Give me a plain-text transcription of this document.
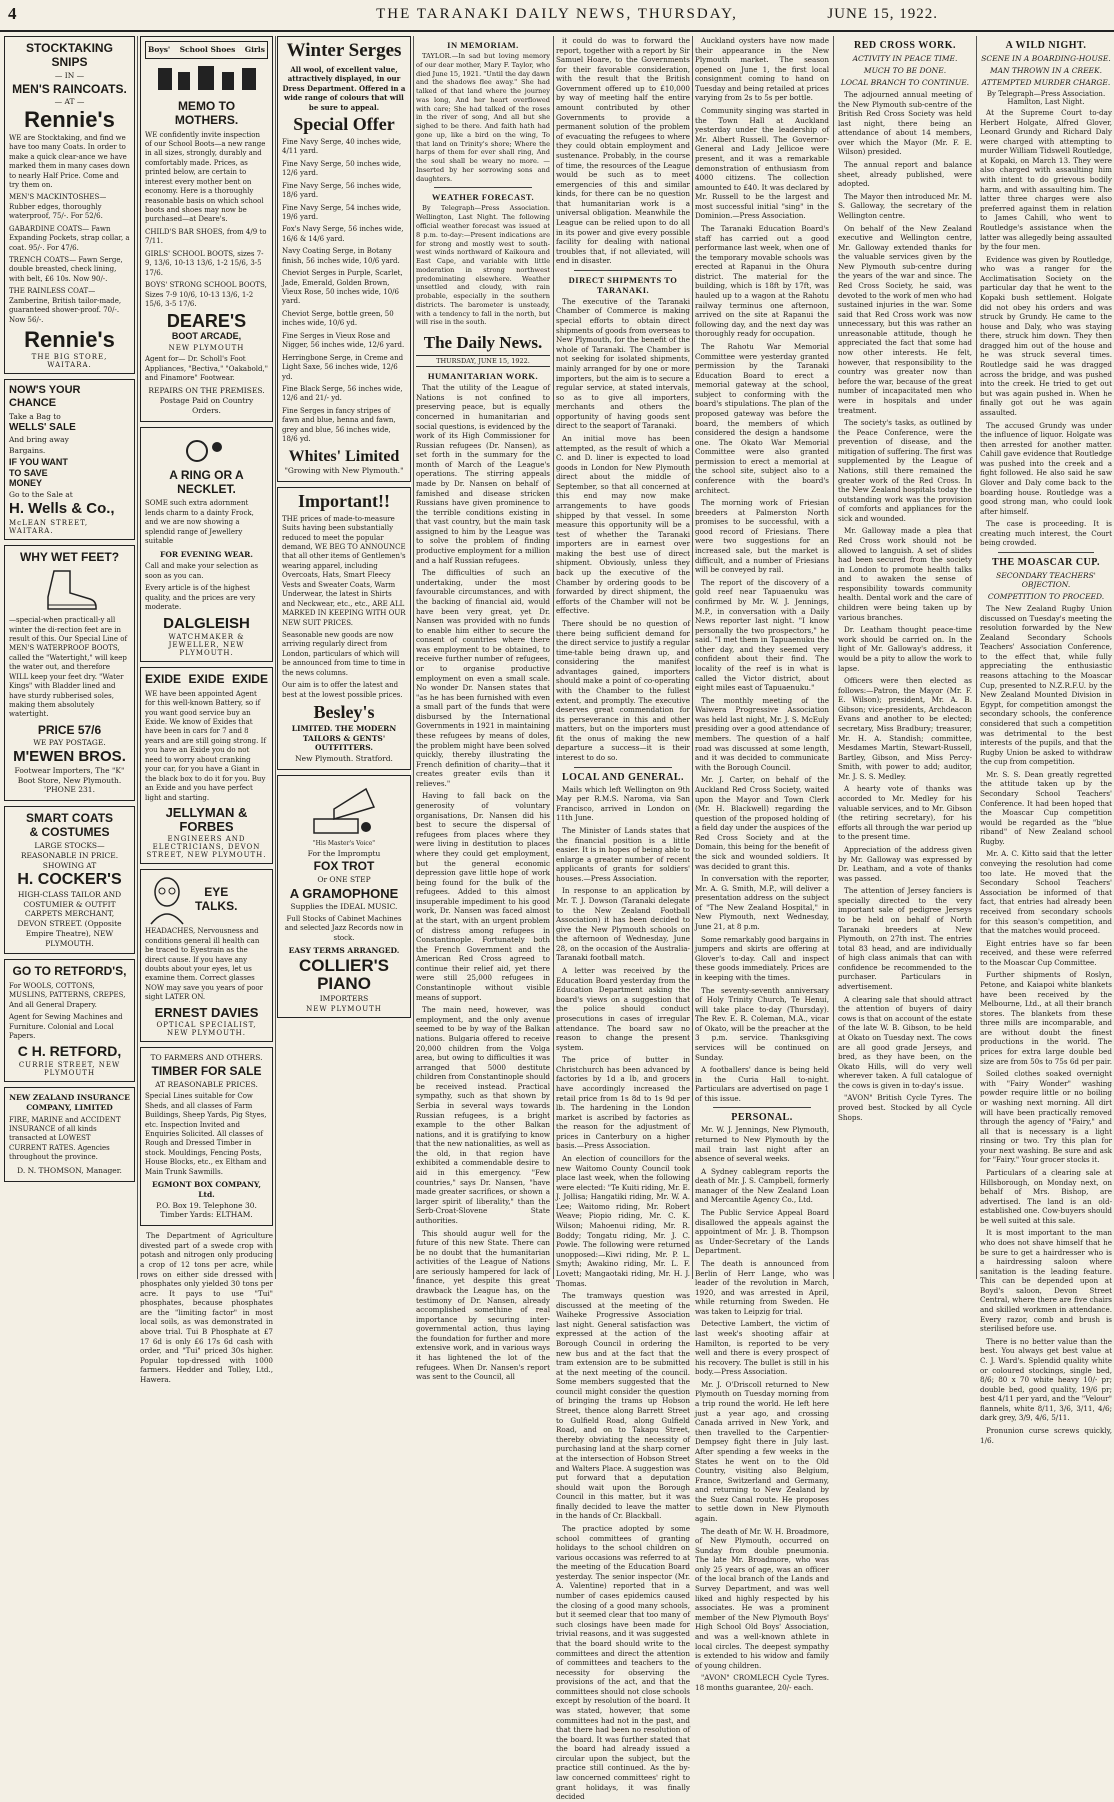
4	THE TARANAKI DAILY NEWS, THURSDAY,	JUNE 15, 1922.
STOCKTAKING SNIPS
— IN —
MEN'S RAINCOATS.
— AT —
Rennie's

WE are Stocktaking, and find we have too many Coats. In order to make a quick clear-ance we have marked them in many cases down to nearly Half Price. Come and try them on.

MEN'S MACKINTOSHES— Rubber edges, thoroughly waterproof, 75/-. For 52/6.

GABARDINE COATS— Fawn Expanding Pockets, strap collar, a coat. 95/-. For 47/6.

TRENCH COATS— Fawn Serge, double breasted, check lining, with belt, £6 10s. Now 90/-.

THE RAINLESS COAT— Zamberine, British tailor-made, guaranteed shower-proof. 70/-. Now 56/-.

Rennie's
THE BIG STORE, WAITARA.
NOW'S YOUR
CHANCE
Take a Bag to
WELLS' SALE
And bring away
Bargains.
IF YOU WANT
TO SAVE
MONEY
Go to the Sale at
H. Wells & Co.,
McLEAN STREET, WAITARA.
WHY WET FEET?

—special-when practicall-y all winter the di-rection feet are in result of this. Our Special Line of MEN'S WATERPROOF BOOTS, called the "Watertight," will keep the water out, and therefore WILL keep your feet dry. "Water Kings" with Bladder lined and have sturdy rubberised soles, making them absolutely watertight.

PRICE 57/6
WE PAY POSTAGE.
M'EWEN BROS.
Footwear Importers, The "K" Boot Store, New Plymouth. 'PHONE 231.
SMART COATS
& COSTUMES
LARGE STOCKS— REASONABLE IN PRICE.
SHOWING AT
H. COCKER'S
HIGH-CLASS TAILOR AND COSTUMIER & OUTFIT CARPETS MERCHANT, DEVON STREET. (Opposite Empire Theatre), NEW PLYMOUTH.
GO TO RETFORD'S,

For WOOLS, COTTONS, MUSLINS, PATTERNS, CREPES, And all General Drapery.

Agent for Sewing Machines and Furniture. Colonial and Local Papers.

C H. RETFORD,
CURRIE STREET, NEW PLYMOUTH
NEW ZEALAND INSURANCE COMPANY, LIMITED

FIRE, MARINE and ACCIDENT INSURANCE of all kinds transacted at LOWEST CURRENT RATES. Agencies throughout the province.

D. N. THOMSON, Manager.
Boys' School Shoes Girls
MEMO TO MOTHERS.

WE confidently invite inspection of our School Boots—a new range in all sizes, strongly, durably and comfortably made. Prices, as printed below, are certain to interest every mother bent on economy. Here is a thoroughly reasonable basis on which school boots and shoes may now be purchased—at Deare's.

CHILD'S BAR SHOES, from 4/9 to 7/11.

GIRLS' SCHOOL BOOTS, sizes 7-9, 13/6, 10-13 13/6, 1-2 15/6, 3-5 17/6.

BOYS' STRONG SCHOOL BOOTS, Sizes 7-9 10/6, 10-13 13/6, 1-2 15/6, 3-5 17/6.

DEARE'S
BOOT ARCADE,
NEW PLYMOUTH

Agent for— Dr. Scholl's Foot Appliances, "Bectiva," "Oakabold," and Finamore" Footwear.

REPAIRS ON THE PREMISES. Postage Paid on Country Orders.
A RING OR A NECKLET.

SOME such extra adornment lends charm to a dainty Frock, and we are now showing a splendid range of Jewellery suitable

FOR EVENING WEAR.

Call and make your selection as soon as you can.

Every article is of the highest quality, and the prices are very moderate.

DALGLEISH
WATCHMAKER & JEWELLER, NEW PLYMOUTH.
EXIDE EXIDE EXIDE

WE have been appointed Agent for this well-known Battery, so if you want good service buy an Exide. We know of Exides that have been in cars for 7 and 8 years and are still going strong. If you have an Exide you do not need to worry about cranking your car, for you have a Giant in the black box to do it for you. Buy an Exide and you have perfect light and starting.

JELLYMAN & FORBES
ENGINEERS AND ELECTRICIANS, DEVON STREET, NEW PLYMOUTH.
EYE
TALKS.

HEADACHES, Nervousness and conditions general ill health can be traced to Eyestrain as the direct cause. If you have any doubts about your eyes, let us examine them. Correct glasses NOW may save you years of poor sight LATER ON.

ERNEST DAVIES
OPTICAL SPECIALIST, NEW PLYMOUTH.
TO FARMERS AND OTHERS.
TIMBER FOR SALE
AT REASONABLE PRICES.

Special Lines suitable for Cow Sheds, and all classes of Farm Buildings, Sheep Yards, Pig Styes, etc. Inspection Invited and Enquiries Solicited. All classes of Rough and Dressed Timber in stock. Mouldings, Fencing Posts, House Blocks, etc., ex Eltham and Main Trunk Sawmills.

EGMONT BOX COMPANY, Ltd.
P.O. Box 19. Telephone 30. Timber Yards: ELTHAM.

The Department of Agriculture divested part of a swede crop with potash and nitrogen only producing a crop of 12 tons per acre, while rows on either side dressed with phosphates only yielded 30 tons per acre. It pays to use "Tui" phosphates, because phosphates are the "limiting factor" in most local soils, as was demonstrated in above trial. Tui B Phosphate at £7 17 6d is only £6 17s 6d cash with order, and "Tui" priced 30s higher. Popular top-dressed with 1000 farmers. Hedder and Tolley, Ltd., Hawera.

Winter Serges

All wool, of excellent value, attractively displayed, in our Dress Department. Offered in a wide range of colours that will be sure to appeal.

Special Offer

Fine Navy Serge, 40 inches wide, 4/11 yard.

Fine Navy Serge, 50 inches wide, 12/6 yard.

Fine Navy Serge, 56 inches wide, 18/6 yard.

Fine Navy Serge, 54 inches wide, 19/6 yard.

Fox's Navy Serge, 56 inches wide, 16/6 & 14/6 yard.

Navy Coating Serge, in Botany finish, 56 inches wide, 10/6 yard.

Cheviot Serges in Purple, Scarlet, Jade, Emerald, Golden Brown, Vieux Rose, 50 inches wide, 10/6 yard.

Cheviot Serge, bottle green, 50 inches wide, 10/6 yd.

Fine Serges in Vieux Rose and Nigger, 56 inches wide, 12/6 yard.

Herringbone Serge, in Creme and Light Saxe, 56 inches wide, 12/6 yd.

Fine Black Serge, 56 inches wide, 12/6 and 21/- yd.

Fine Serges in fancy stripes of fawn and blue, henna and fawn, grey and blue, 56 inches wide, 18/6 yd.

Whites' Limited
"Growing with New Plymouth."
Important!!

THE prices of made-to-measure Suits having been substantially reduced to meet the popular demand, WE BEG TO ANNOUNCE that all other items of Gentlemen's wearing apparel, including Overcoats, Hats, Smart Fleecy Vests and Sweater Coats, Warm Underwear, the latest in Shirts and Neckwear, etc., etc., ARE ALL MARKED IN KEEPING WITH OUR NEW SUIT PRICES.

Seasonable new goods are now arriving regularly direct from London, particulars of which will be announced from time to time in the news columns.

Our aim is to offer the latest and best at the lowest possible prices.

Besley's
LIMITED. THE MODERN TAILORS & GENTS' OUTFITTERS.
New Plymouth. Stratford.
"His Master's Voice"
For the Impromptu
FOX TROT
Or ONE STEP
A GRAMOPHONE
Supplies the IDEAL MUSIC.

Full Stocks of Cabinet Machines and selected Jazz Records now in stock.

EASY TERMS ARRANGED.
COLLIER'S PIANO
IMPORTERS
NEW PLYMOUTH
IN MEMORIAM.

TAYLOR.—In sad but loving memory of our dear mother, Mary F. Taylor, who died June 15, 1921. "Until the day dawn and the shadows flee away." She had talked of that land where the journey was long, And her heart overflowed with care; She had talked of the roses in the river of song, And all but she sighed to be there. And faith hath had gone up, like a bird on the wing, To that land on Trinity's shore; Where the harps of them for ever shall ring, And the soul shall be weary no more. —Inserted by her sorrowing sons and daughters.

WEATHER FORECAST.

By Telegraph—Press Association. Wellington, Last Night. The following official weather forecast was issued at 8 p.m. to-day:—Present indications are for strong and mostly west to south-west winds northward of Kaikoura and East Cape, and variable with little moderation in strong northwest predominating elsewhere. Weather unsettled and cloudy, with rain probable, especially in the southern districts. The barometer is unsteady, with a tendency to fall in the north, but will rise in the south.

The Daily News.
THURSDAY, JUNE 15, 1922.
HUMANITARIAN WORK.

That the utility of the League of Nations is not confined to preserving peace, but is equally concerned in humanitarian and social questions, is evidenced by the work of its High Commissioner for Russian refugees (Dr. Nansen), as set forth in the summary for the month of March of the League's operations. The stirring appeals made by Dr. Nansen on behalf of famished and disease stricken Russians have given prominence to the terrible conditions existing in that vast country, but the main task assigned to him by the League was to solve the problem of finding productive employment for a million and a half Russian refugees.

The difficulties of such an undertaking, under the most favourable circumstances, and with the backing of financial aid, would have been very great, yet Dr. Nansen was provided with no funds to enable him either to secure the consent of countries where there was employment to be obtained, to receive further number of refugees, or to organise productive employment on even a small scale. No wonder Dr. Nansen states that "as he has been furnished with even a small part of the funds that were disbursed by the International Governments in 1921 in maintaining these refugees by means of doles, the problem might have been solved quickly, thereby illustrating the French definition of charity—that it creates greater evils than it relieves."

Having to fall back on the generosity of voluntary organisations, Dr. Nansen did his best to secure the dispersal of refugees from places where they were living in destitution to places where they could get employment, but the general economic depression gave little hope of work being found for the bulk of the refugees. Added to this almost insuperable impediment to his good work, Dr. Nansen was faced almost at the start, with an urgent problem of distress among refugees in Constantinople. Fortunately both the French Government and the American Red Cross agreed to continue their relief aid, yet there were still 25,000 refugees in Constantinople without visible means of support.

The main need, however, was employment, and the only avenue seemed to be by way of the Balkan nations. Bulgaria offered to receive 20,000 children from the Volga area, but owing to difficulties it was arranged that 5000 destitute children from Constantinople should be received instead. Practical sympathy, such as that shown by Serbia in several ways towards Russian refugees, is a bright example to the other Balkan nations, and it is gratifying to know that the new nationalities, as well as the old, in that region have exhibited a commendable desire to aid in this emergency. "Few countries," says Dr. Nansen, "have made greater sacrifices, or shown a larger spirit of liberality," than the Serb-Croat-Slovene State authorities.

This should augur well for the future of this new State. There can be no doubt that the humanitarian activities of the League of Nations are seriously hampered for lack of finance, yet despite this great drawback the League has, on the testimony of Dr. Nansen, already accomplished somethine of real importance by securing inter-governmental action, thus laying the foundation for further and more extensive work, and in various ways it has lightened the lot of the refugees. When Dr. Nansen's report was sent to the Council, all

it could do was to forward the report, together with a report by Sir Samuel Hoare, to the Governments for their favorable consideration, with the result that the British Government offered up to £10,000 by way of meeting half the entire amount contributed by other Governments to provide a permanent solution of the problem of evacuating the refugees to where they could obtain employment and sustenance. Probably, in the course of time, the resources of the League would be such as to meet emergencies of this and similar kinds, for there can be no question that humanitarian work is a universal obligation. Meanwhile the League can be relied upon to do all in its power and give every possible facility for dealing with national troubles that, if not alleviated, will end in disaster.

DIRECT SHIPMENTS TO TARANAKI.

The executive of the Taranaki Chamber of Commerce is making special efforts to obtain direct shipments of goods from overseas to New Plymouth, for the benefit of the whole of Taranaki. The Chamber is not seeking for isolated shipments, mainly arranged for by one or more importers, but the aim is to secure a regular service, at stated intervals, so as to give all importers, merchants and others the opportunity of having goods sent direct to the seaport of Taranaki.

An initial move has been attempted, as the result of which a C. and D. liner is expected to load goods in London for New Plymouth direct about the middle of September, so that all concerned at this end may now make arrangements to have goods shipped by that vessel. In some measure this opportunity will be a test of whether the Taranaki importers are in earnest over making the best use of direct shipment. Obviously, unless they back up the executive of the Chamber by ordering goods to be forwarded by direct shipment, the efforts of the Chamber will not be effective.

There should be no question of there being sufficient demand for the direct service to justify a regular time-table being drawn up, and considering the manifest advantages gained, importers should make a point of co-operating with the Chamber to the fullest extent, and promptly. The executive deserves great commendation for its perseverance in this and other matters, but on the importers must fit the onus of making the new departure a success—it is their interest to do so.

LOCAL AND GENERAL.

Mails which left Wellington on 9th May per R.M.S. Naroma, via San Francisco, arrived in London on 11th June.

The Minister of Lands states that the financial position is a little easier. It is in hopes of being able to enlarge a greater number of recent applicants of grants for soldiers' houses.—Press Association.

In response to an application by Mr. T. J. Dowson (Taranaki delegate to the New Zealand Football Association) it has been decided to give the New Plymouth schools on the afternoon of Wednesday, June 28, on the occasion of the Australia-Taranaki football match.

A letter was received by the Education Board yesterday from the Education Department asking the board's views on a suggestion that the police should conduct prosecutions in cases of irregular attendance. The board saw no reason to change the present system.

The price of butter in Christchurch has been advanced by factories by 1d a lb, and grocers have accordingly increased the retail price from 1s 8d to 1s 9d per lb. The hardening in the London market is ascribed by factories as the reason for the adjustment of prices in Canterbury on a higher basis.—Press Association.

An election of councillors for the new Waitomo County Council took place last week, when the following were elected: "Te Kuiti riding, Mr. E. J. Jollisa; Hangatiki riding, Mr. W. A. Lee; Waitomo riding, Mr. Robert Weave; Piopio riding, Mr. C. K. Wilson; Mahoenui riding, Mr. R. Boddy; Tongatu riding, Mr. J. C. Powle. The following were returned unopposed:—Kiwi riding, Mr. P. L. Smyth; Awakino riding, Mr. L. F. Lovett; Mangaotaki riding, Mr. H. J. Thomas.

The tramways question was discussed at the meeting of the Waiheke Progressive Association last night. General satisfaction was expressed at the action of the Borough Council in ordering the new bus and at the fact that the tram extension are to be submitted at the next meeting of the council. Some members suggested that the council might consider the question of bringing the trams up Hobson Street, thence along Barrett Street to Gulfield Road, along Gulfield Road, and on to Takapu Street, thereby obviating the necessity of purchasing land at the sharp corner at the intersection of Hobson Street and Walters Place. A suggestion was put forward that a deputation should wait upon the Borough Council in this matter, but it was finally decided to leave the matter in the hands of Cr. Blackball.

The practice adopted by some school committees of granting holidays to the school children on various occasions was referred to at the meeting of the Education Board yesterday. The senior inspector (Mr. A. Valentine) reported that in a number of cases epidemics caused the closing of a good many schools, but it seemed clear that too many of such closings have been made for trivial reasons, and it was suggested that the board should write to the committees and direct the attention of committees and teachers to the necessity for observing the provisions of the act, and that the committees should not close schools except by resolution of the board. It was stated, however, that some committees had not in the past, and that there had been no resolution of the board. It was further stated that the board had already issued a circular upon the subject, but the practice still continued. As the by-law concerned committees' right to grant holidays, it was finally decided

Auckland oysters have now made their appearance in the New Plymouth market. The season opened on June 1, the first local consignment coming to hand on Tuesday and being retailed at prices varying from 2s to 5s per bottle.

Community singing was started in the Town Hall at Auckland yesterday under the leadership of Mr. Albert Russell. The Governor-General and Lady Jellicoe were present, and it was a remarkable demonstration of enthusiasm from 4000 citizens. The collection amounted to £40. It was declared by Mr. Russell to be the largest and most successful initial "sing" in the Dominion.—Press Association.

The Taranaki Education Board's staff has carried out a good performance last week, when one of the temporary movable schools was erected at Rapanui in the Ohura district. The material for the building, which is 18ft by 17ft, was hauled up to a wagon at the Rahotu railway terminus one afternoon, arrived on the site at Rapanui the following day, and the next day was thoroughly ready for occupation.

The Rahotu War Memorial Committee were yesterday granted permission by the Taranaki Education Board to erect a memorial gateway at the school, subject to conforming with the board's stipulations. The plan of the proposed gateway was before the board, the members of which considered the design a handsome one. The Okato War Memorial Committee were also granted permission to erect a memorial at the school site, subject also to a conference with the board's architect.

The morning work of Friesian breeders at Palmerston North promises to be successful, with a good record of Friesians. There were two suggestions for an increased sale, but the market is difficult, and a number of Friesians will be conveyed by rail.

The report of the discovery of a gold reef near Tapuaenuku was confirmed by Mr. W. J. Jennings, M.P., in conversation with a Daily News reporter last night. "I know personally the two prospectors," he said. "I met them in Tapuaenuku the other day, and they seemed very confident about their find. The locality of the reef is in what is called the Victor district, about eight miles east of Tapuaenuku."

The monthly meeting of the Waiwera Progressive Association was held last night, Mr. J. S. McEuly presiding over a good attendance of members. The question of a half road was discussed at some length, and it was decided to communicate with the Borough Council.

Mr. J. Carter, on behalf of the Auckland Red Cross Society, waited upon the Mayor and Town Clerk (Mr. H. Blackwell) regarding the question of the proposed holding of a field day under the auspices of the Red Cross Society and at the Domain, this being for the benefit of the sick and wounded soldiers. It was decided to grant this.

In conversation with the reporter, Mr. A. G. Smith, M.P., will deliver a presentation address on the subject of "The New Zealand Hospital," in New Plymouth, next Wednesday, June 21, at 8 p.m.

Some remarkably good bargains in jumpers and skirts are offering at Glover's to-day. Call and inspect these goods immediately. Prices are in keeping with the times.

The seventy-seventh anniversary of Holy Trinity Church, Te Henui, will take place to-day (Thursday). The Rev. E. R. Coleman, M.A., vicar of Okato, will be the preacher at the 3 p.m. service. Thanksgiving services will be continued on Sunday.

A footballers' dance is being held in the Curia Hall to-night. Particulars are advertised on page 1 of this issue.

PERSONAL.

Mr. W. J. Jennings, New Plymouth, returned to New Plymouth by the mail train last night after an absence of several weeks.

A Sydney cablegram reports the death of Mr. J. S. Campbell, formerly manager of the New Zealand Loan and Mercantile Agency Co., Ltd.

The Public Service Appeal Board disallowed the appeals against the appointment of Mr. J. B. Thompson as Under-Secretary of the Lands Department.

The death is announced from Berlin of Herr Lange, who was leader of the revolution in March, 1920, and was arrested in April, while returning from Sweden. He was taken to Leipzig for trial.

Detective Lambert, the victim of last week's shooting affair at Hamilton, is reported to be very well and there is every prospect of his recovery. The bullet is still in his body.—Press Association.

Mr. J. O'Driscoll returned to New Plymouth on Tuesday morning from a trip round the world. He left here just a year ago, and crossing Canada arrived in New York, and then travelled to the Carpentier-Dempsey fight there in July last. After spending a few weeks in the States he went on to the Old Country, visiting also Belgium, France, Switzerland and Germany, and returning to New Zealand by the Suez Canal route. He proposes to settle down in New Plymouth again.

The death of Mr. W. H. Broadmore, of New Plymouth, occurred on Sunday from double pneumonia. The late Mr. Broadmore, who was only 25 years of age, was an officer of the local branch of the Lands and Survey Department, and was well liked and highly respected by his associates. He was a prominent member of the New Plymouth Boys' High School Old Boys' Association, and was a well-known athlete in local circles. The deepest sympathy is extended to his widow and family of young children.

"AVON" CROMLECH Cycle Tyres. 18 months guarantee, 20/- each.

RED CROSS WORK.
ACTIVITY IN PEACE TIME.
MUCH TO BE DONE.
LOCAL BRANCH TO CONTINUE.

The adjourned annual meeting of the New Plymouth sub-centre of the British Red Cross Society was held last night, there being an attendance of about 14 members, over which the Mayor (Mr. F. E. Wilson) presided.

The annual report and balance sheet, already published, were adopted.

The Mayor then introduced Mr. M. S. Galloway, the secretary of the Wellington centre.

On behalf of the New Zealand executive and Wellington centre, Mr. Galloway extended thanks for the valuable services given by the New Plymouth sub-centre during the years of the war and since. The Red Cross Society, he said, was devoted to the work of men who had sustained injuries in the war. Some said that Red Cross work was now unnecessary, but this was rather an unreasonable attitude, though he appreciated the fact that some had now other interests. He felt, however, that responsibility to the country was greater now than before the war, because of the great number of incapacitated men who were in hospitals and under treatment.

The society's tasks, as outlined by the Peace Conference, were the prevention of disease, and the mitigation of suffering. The first was supplemented by the League of Nations, still there remained the greater work of the Red Cross. In the New Zealand hospitals today the outstanding work was the provision of comforts and appliances for the sick and wounded.

Mr. Galloway made a plea that Red Cross work should not be allowed to languish. A set of slides had been secured from the society in London to promote health talks and to awaken the sense of responsibility towards community health. Dental work and the care of children were being taken up by various branches.

Dr. Leatham thought peace-time work should be carried on. In the light of Mr. Galloway's address, it would be a pity to allow the work to lapse.

Officers were then elected as follows:—Patron, the Mayor (Mr. F. E. Wilson); president, Mr. A. B. Gibson; vice-presidents, Archdeacon Evans and another to be elected; secretary, Miss Bradbury; treasurer, Mr. H. A. Standish; committee, Mesdames Martin, Stewart-Russell, Bartley, Gibson, and Miss Percy-Smith, with power to add; auditor, Mr. J. S. S. Medley.

A hearty vote of thanks was accorded to Mr. Medley for his valuable services, and to Mr. Gibson (the retiring secretary), for his efforts all through the war period up to the present time.

Appreciation of the address given by Mr. Galloway was expressed by Dr. Leatham, and a vote of thanks was passed.

The attention of Jersey fanciers is specially directed to the very important sale of pedigree Jerseys to be held on behalf of North Taranaki breeders at New Plymouth, on 27th inst. The entries total 83 head, and are individually of high class animals that can with confidence be recommended to the purchaser. Particulars in advertisement.

A clearing sale that should attract the attention of buyers of dairy cows is that on account of the estate of the late W. B. Gibson, to be held at Okato on Tuesday next. The cows are all good grade Jerseys, and bred, as they have been, on the Okato Hills, will do very well wherever taken. A full catalogue of the cows is given in to-day's issue.

"AVON" British Cycle Tyres. The proved best. Stocked by all Cycle Shops.

A WILD NIGHT.
SCENE IN A BOARDING-HOUSE.
MAN THROWN IN A CREEK.
ATTEMPTED MURDER CHARGE.
By Telegraph—Press Association. Hamilton, Last Night.

At the Supreme Court to-day Herbert Holgate, Alfred Glover, Leonard Grundy and Richard Daly were charged with attempting to murder William Tidswell Routledge, at Kopaki, on March 13. They were also charged with assaulting him with intent to do grievous bodily harm, and with assaulting him. The latter three charges were also preferred against them in relation to James Cahill, who went to Routledge's assistance when the latter was allegedly being assaulted by the four men.

Evidence was given by Routledge, who was a ranger for the Acclimatisation Society on the particular day that he went to the Kopaki bush settlement. Holgate did not obey his orders and was struck by Grundy. He came to the house and Daly, who was staying there, struck him down. They then dragged him out of the house and he was struck several times. Routledge said he was dragged across the bridge, and was pushed into the creek. He tried to get out but was again pushed in. When he finally got out he was again assaulted.

The accused Grundy was under the influence of liquor. Holgate was then arrested for another matter. Cahill gave evidence that Routledge was pushed into the creek and a fight followed. He also said he saw Glover and Daly come back to the boarding house. Routledge was a good strong man, who could look after himself.

The case is proceeding. It is creating much interest, the Court being crowded.

THE MOASCAR CUP.
SECONDARY TEACHERS' OBJECTION.
COMPETITION TO PROCEED.

The New Zealand Rugby Union discussed on Tuesday's meeting the resolution forwarded by the New Zealand Secondary Schools Teachers' Association Conference, to the effect that, while fully appreciating the enthusiastic reasons attaching to the Moascar Cup, presented to N.Z.R.F.U. by the New Zealand Mounted Division in Egypt, for competition amongst the secondary schools, the conference considered that such a competition was detrimental to the best interests of the pupils, and that the Rugby Union be asked to withdraw the cup from competition.

Mr. S. S. Dean greatly regretted the attitude taken up by the Secondary School Teachers' Conference. It had been hoped that the Moascar Cup competition would be regarded as the "blue riband" of New Zealand school Rugby.

Mr. A. C. Kitto said that the letter conveying the resolution had come too late. He moved that the Secondary School Teachers' Association be informed of that fact, that entries had already been received from secondary schools for this season's competition, and that the matches would proceed.

Eight entries have so far been received, and these were referred to the Moascar Cup Committee.

Further shipments of Roslyn, Petone, and Kaiapoi white blankets have been received by the Melbourne, Ltd., at all their branch stores. The blankets from these three mills are incomparable, and are without doubt the finest productions in the world. The prices for extra large double bed size are from 50s to 75s 6d per pair.

Soiled clothes soaked overnight with "Fairy Wonder" washing powder require little or no boiling or washing next morning. All dirt will have been practically removed through the agency of "Fairy," and all that is necessary is a light rinsing or two. Try this plan for your next washing. Be sure and ask for "Fairy." Your grocer stocks it.

Particulars of a clearing sale at Hillsborough, on Monday next, on behalf of Mrs. Bishop, are advertised. The land is an old-established one. Cow-buyers should be well suited at this sale.

It is most important to the man who does not shave himself that he be sure to get a hairdresser who is a hairdressing saloon where sanitation is the leading feature. This can be depended upon at Boyd's saloon, Devon Street Central, where there are five chairs and skilled workmen in attendance. Every razor, comb and brush is sterilised before use.

There is no better value than the best. You always get best value at C. J. Ward's. Splendid quality white or coloured stockings, single bed, 8/6; 80 x 70 white heavy 10/- pr; double bed, good quality, 19/6 pr; best 4/11 per yard, and the "Velour" flannels, white 8/11, 3/6, 3/11, 4/6; dark grey, 3/9, 4/6, 5/11.

Pronunion curse screws quickly, 1/6.
